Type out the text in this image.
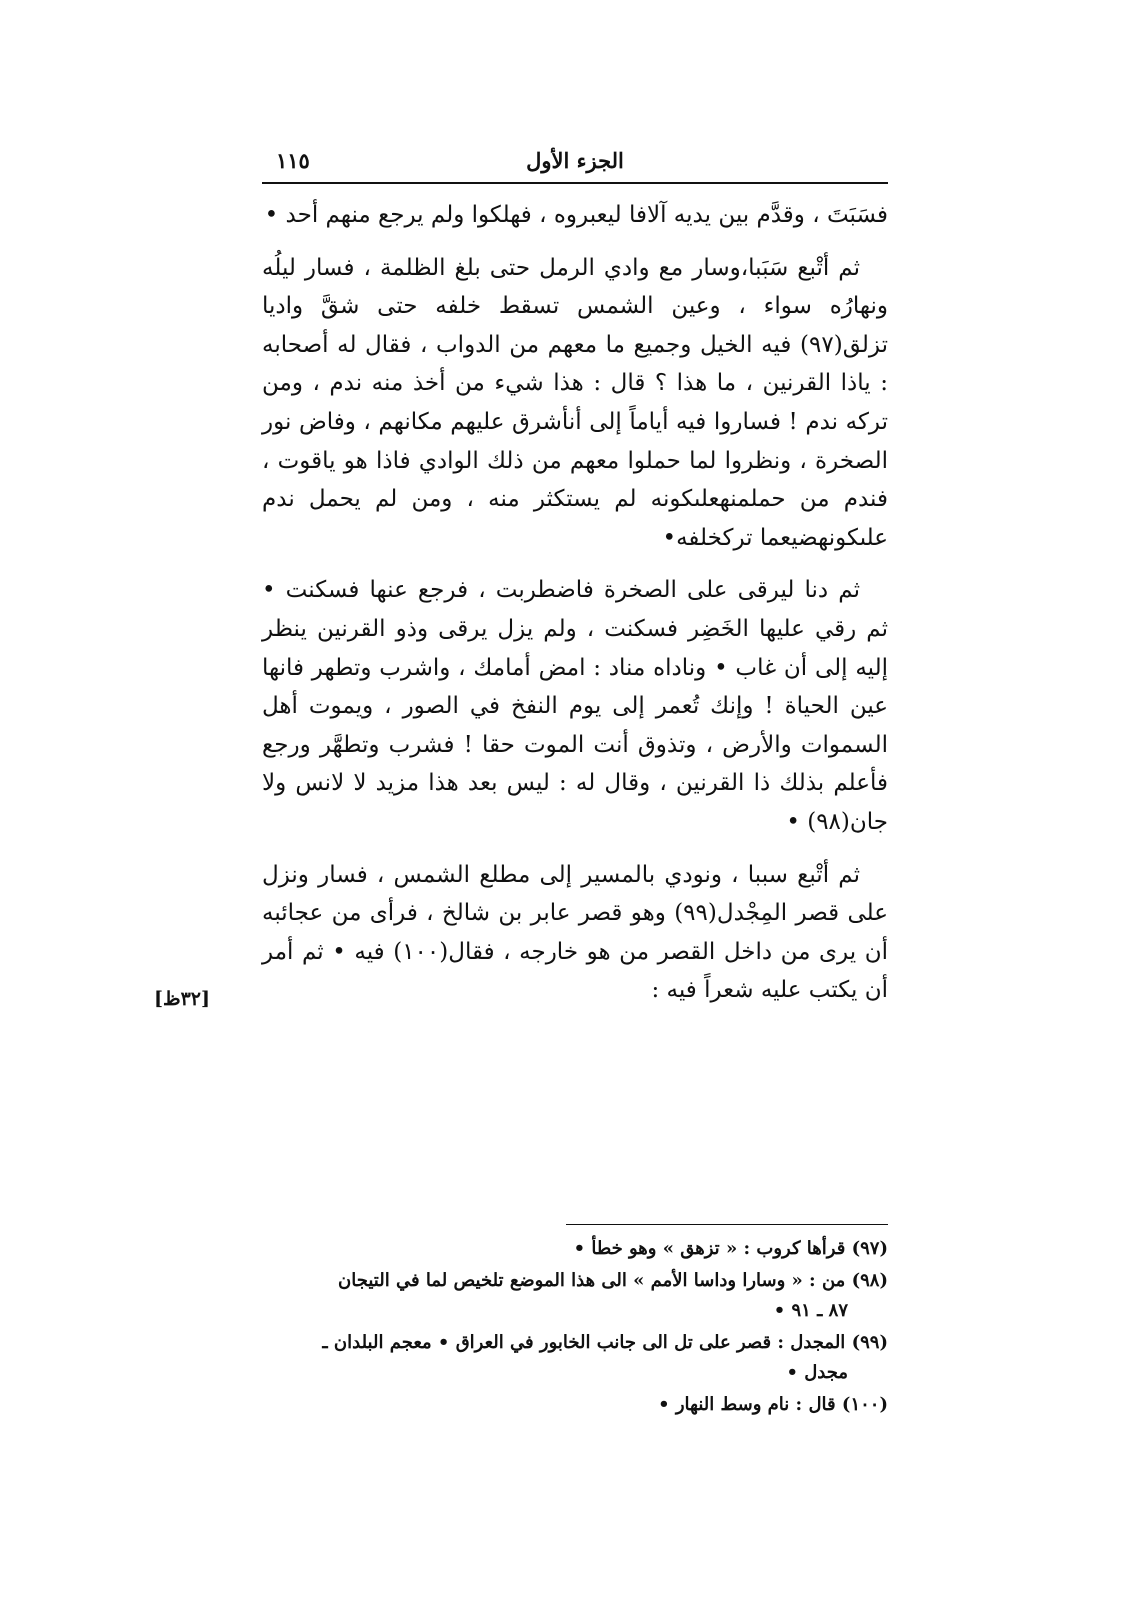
الجزء الأول
١١٥

فسَبَتَ ، وقدَّم بين يديه آلافا ليعبروه ، فهلكوا ولم يرجع منهم أحد •

ثم أتْبع سَبَبا،وسار مع وادي الرمل حتى بلغ الظلمة ، فسار ليلُه ونهارُه سواء ، وعين الشمس تسقط خلفه حتى شقَّ واديا تزلق(٩٧) فيه الخيل وجميع ما معهم من الدواب ، فقال له أصحابه : ياذا القرنين ، ما هذا ؟ قال : هذا شيء من أخذ منه ندم ، ومن تركه ندم ! فساروا فيه أياماً إلى أنأشرق عليهم مكانهم ، وفاض نور الصخرة ، ونظروا لما حملوا معهم من ذلك الوادي فاذا هو ياقوت ، فندم من حملمنهعلىكونه لم يستكثر منه ، ومن لم يحمل ندم علىكونهضيعما تركخلفه•

ثم دنا ليرقى على الصخرة فاضطربت ، فرجع عنها فسكنت • ثم رقي عليها الخَضِر فسكنت ، ولم يزل يرقى وذو القرنين ينظر إليه إلى أن غاب • وناداه مناد : امض أمامك ، واشرب وتطهر فانها عين الحياة ! وإنك تُعمر إلى يوم النفخ في الصور ، ويموت أهل السموات والأرض ، وتذوق أنت الموت حقا ! فشرب وتطهَّر ورجع فأعلم بذلك ذا القرنين ، وقال له : ليس بعد هذا مزيد لا لانس ولا جان(٩٨) •

ثم أتْبع سببا ، ونودي بالمسير إلى مطلع الشمس ، فسار ونزل على قصر المِجْدل(٩٩) وهو قصر عابر بن شالخ ، فرأى من عجائبه أن يرى من داخل القصر من هو خارجه ، فقال(١٠٠) فيه • ثم أمر أن يكتب عليه شعراً فيه :

[٣٢ظ]
(٩٧) قرأها كروب : « تزهق » وهو خطأ •
(٩٨) من : « وسارا وداسا الأمم » الى هذا الموضع تلخيص لما في التيجان
٨٧ ـ ٩١ •
(٩٩) المجدل : قصر على تل الى جانب الخابور في العراق • معجم البلدان ـ
مجدل •
(١٠٠) قال : نام وسط النهار •
